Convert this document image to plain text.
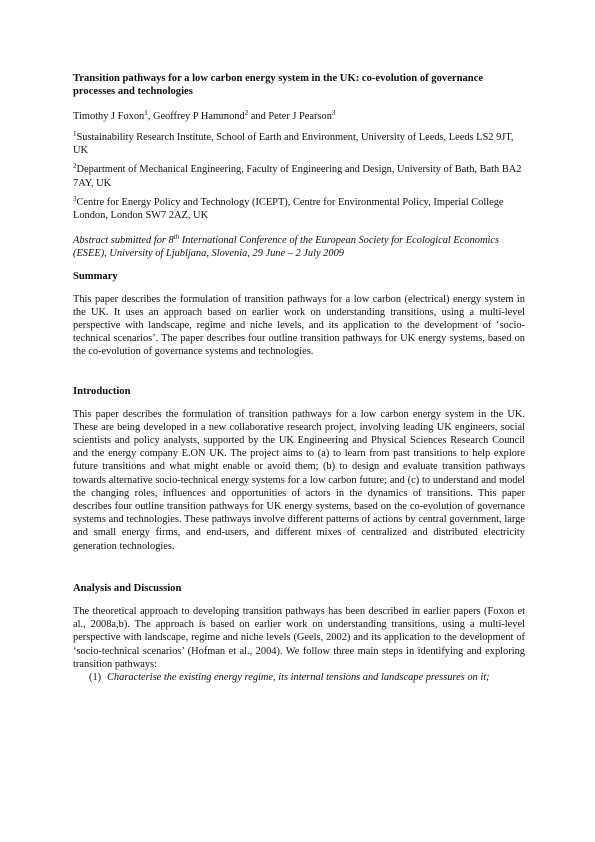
Transition pathways for a low carbon energy system in the UK: co-evolution of governance processes and technologies

Timothy J Foxon$^1$, Geoffrey P Hammond$^2$ and Peter J Pearson$^3$

$^1$Sustainability Research Institute, School of Earth and Environment, University of Leeds, Leeds LS2 9JT, UK

$^2$Department of Mechanical Engineering, Faculty of Engineering and Design, University of Bath, Bath BA2 7AY, UK

$^3$Centre for Energy Policy and Technology (ICEPT), Centre for Environmental Policy, Imperial College London, London SW7 2AZ, UK

Abstract submitted for 8th International Conference of the European Society for Ecological Economics (ESEE), University of Ljubljana, Slovenia, 29 June – 2 July 2009

Summary

This paper describes the formulation of transition pathways for a low carbon (electrical) energy system in the UK. It uses an approach based on earlier work on understanding transitions, using a multi-level perspective with landscape, regime and niche levels, and its application to the development of ‘socio-technical scenarios’. The paper describes four outline transition pathways for UK energy systems, based on the co-evolution of governance systems and technologies.

Introduction

This paper describes the formulation of transition pathways for a low carbon energy system in the UK. These are being developed in a new collaborative research project, involving leading UK engineers, social scientists and policy analysts, supported by the UK Engineering and Physical Sciences Research Council and the energy company E.ON UK. The project aims to (a) to learn from past transitions to help explore future transitions and what might enable or avoid them; (b) to design and evaluate transition pathways towards alternative socio-technical energy systems for a low carbon future; and (c) to understand and model the changing roles, influences and opportunities of actors in the dynamics of transitions. This paper describes four outline transition pathways for UK energy systems, based on the co-evolution of governance systems and technologies. These pathways involve different patterns of actions by central government, large and small energy firms, and end-users, and different mixes of centralized and distributed electricity generation technologies.

Analysis and Discussion

The theoretical approach to developing transition pathways has been described in earlier papers (Foxon et al., 2008a,b). The approach is based on earlier work on understanding transitions, using a multi-level perspective with landscape, regime and niche levels (Geels, 2002) and its application to the development of ‘socio-technical scenarios’ (Hofman et al., 2004). We follow three main steps in identifying and exploring transition pathways:

(1) Characterise the existing energy regime, its internal tensions and landscape pressures on it;
